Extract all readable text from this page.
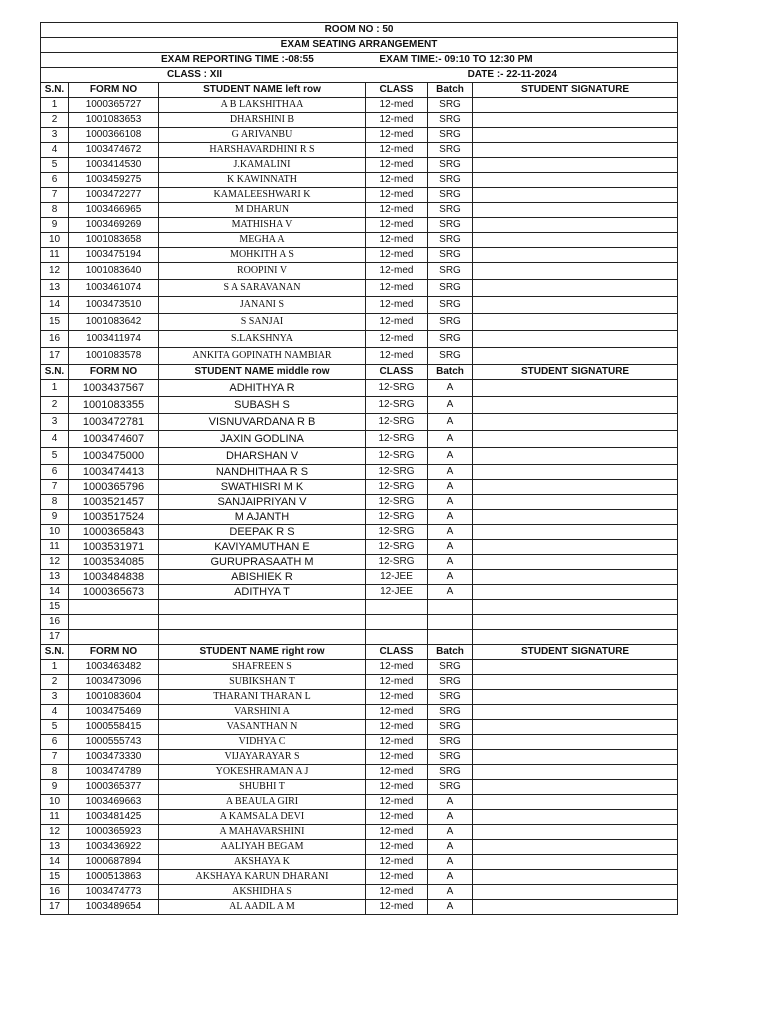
ROOM NO : 50					
EXAM SEATING ARRANGEMENT					
EXAM REPORTING TIME :-08:55 EXAM TIME:- 09:10 TO 12:30 PM					
CLASS : XII DATE :- 22-11-2024					
S.N.	FORM NO	STUDENT NAME left row	CLASS	Batch	STUDENT SIGNATURE
1	1000365727	A B LAKSHITHAA	12-med	SRG	
2	1001083653	DHARSHINI B	12-med	SRG	
3	1000366108	G ARIVANBU	12-med	SRG	
4	1003474672	HARSHAVARDHINI R S	12-med	SRG	
5	1003414530	J.KAMALINI	12-med	SRG	
6	1003459275	K KAWINNATH	12-med	SRG	
7	1003472277	KAMALEESHWARI K	12-med	SRG	
8	1003466965	M DHARUN	12-med	SRG	
9	1003469269	MATHISHA V	12-med	SRG	
10	1001083658	MEGHA A	12-med	SRG	
11	1003475194	MOHKITH A S	12-med	SRG	
12	1001083640	ROOPINI V	12-med	SRG	
13	1003461074	S A SARAVANAN	12-med	SRG	
14	1003473510	JANANI S	12-med	SRG	
15	1001083642	S SANJAI	12-med	SRG	
16	1003411974	S.LAKSHNYA	12-med	SRG	
17	1001083578	ANKITA GOPINATH NAMBIAR	12-med	SRG	
S.N.	FORM NO	STUDENT NAME middle row	CLASS	Batch	STUDENT SIGNATURE
1	1003437567	ADHITHYA R	12-SRG	A	
2	1001083355	SUBASH S	12-SRG	A	
3	1003472781	VISNUVARDANA R B	12-SRG	A	
4	1003474607	JAXIN GODLINA	12-SRG	A	
5	1003475000	DHARSHAN V	12-SRG	A	
6	1003474413	NANDHITHAA R S	12-SRG	A	
7	1000365796	SWATHISRI M K	12-SRG	A	
8	1003521457	SANJAIPRIYAN V	12-SRG	A	
9	1003517524	M AJANTH	12-SRG	A	
10	1000365843	DEEPAK R S	12-SRG	A	
11	1003531971	KAVIYAMUTHAN E	12-SRG	A	
12	1003534085	GURUPRASAATH M	12-SRG	A	
13	1003484838	ABISHIEK R	12-JEE	A	
14	1000365673	ADITHYA T	12-JEE	A	
15					
16					
17					
S.N.	FORM NO	STUDENT NAME right row	CLASS	Batch	STUDENT SIGNATURE
1	1003463482	SHAFREEN S	12-med	SRG	
2	1003473096	SUBIKSHAN T	12-med	SRG	
3	1001083604	THARANI THARAN L	12-med	SRG	
4	1003475469	VARSHINI A	12-med	SRG	
5	1000558415	VASANTHAN N	12-med	SRG	
6	1000555743	VIDHYA C	12-med	SRG	
7	1003473330	VIJAYARAYAR S	12-med	SRG	
8	1003474789	YOKESHRAMAN A J	12-med	SRG	
9	1000365377	SHUBHI T	12-med	SRG	
10	1003469663	A BEAULA GIRI	12-med	A	
11	1003481425	A KAMSALA DEVI	12-med	A	
12	1000365923	A MAHAVARSHINI	12-med	A	
13	1003436922	AALIYAH BEGAM	12-med	A	
14	1000687894	AKSHAYA K	12-med	A	
15	1000513863	AKSHAYA KARUN DHARANI	12-med	A	
16	1003474773	AKSHIDHA S	12-med	A	
17	1003489654	AL AADIL A M	12-med	A	
